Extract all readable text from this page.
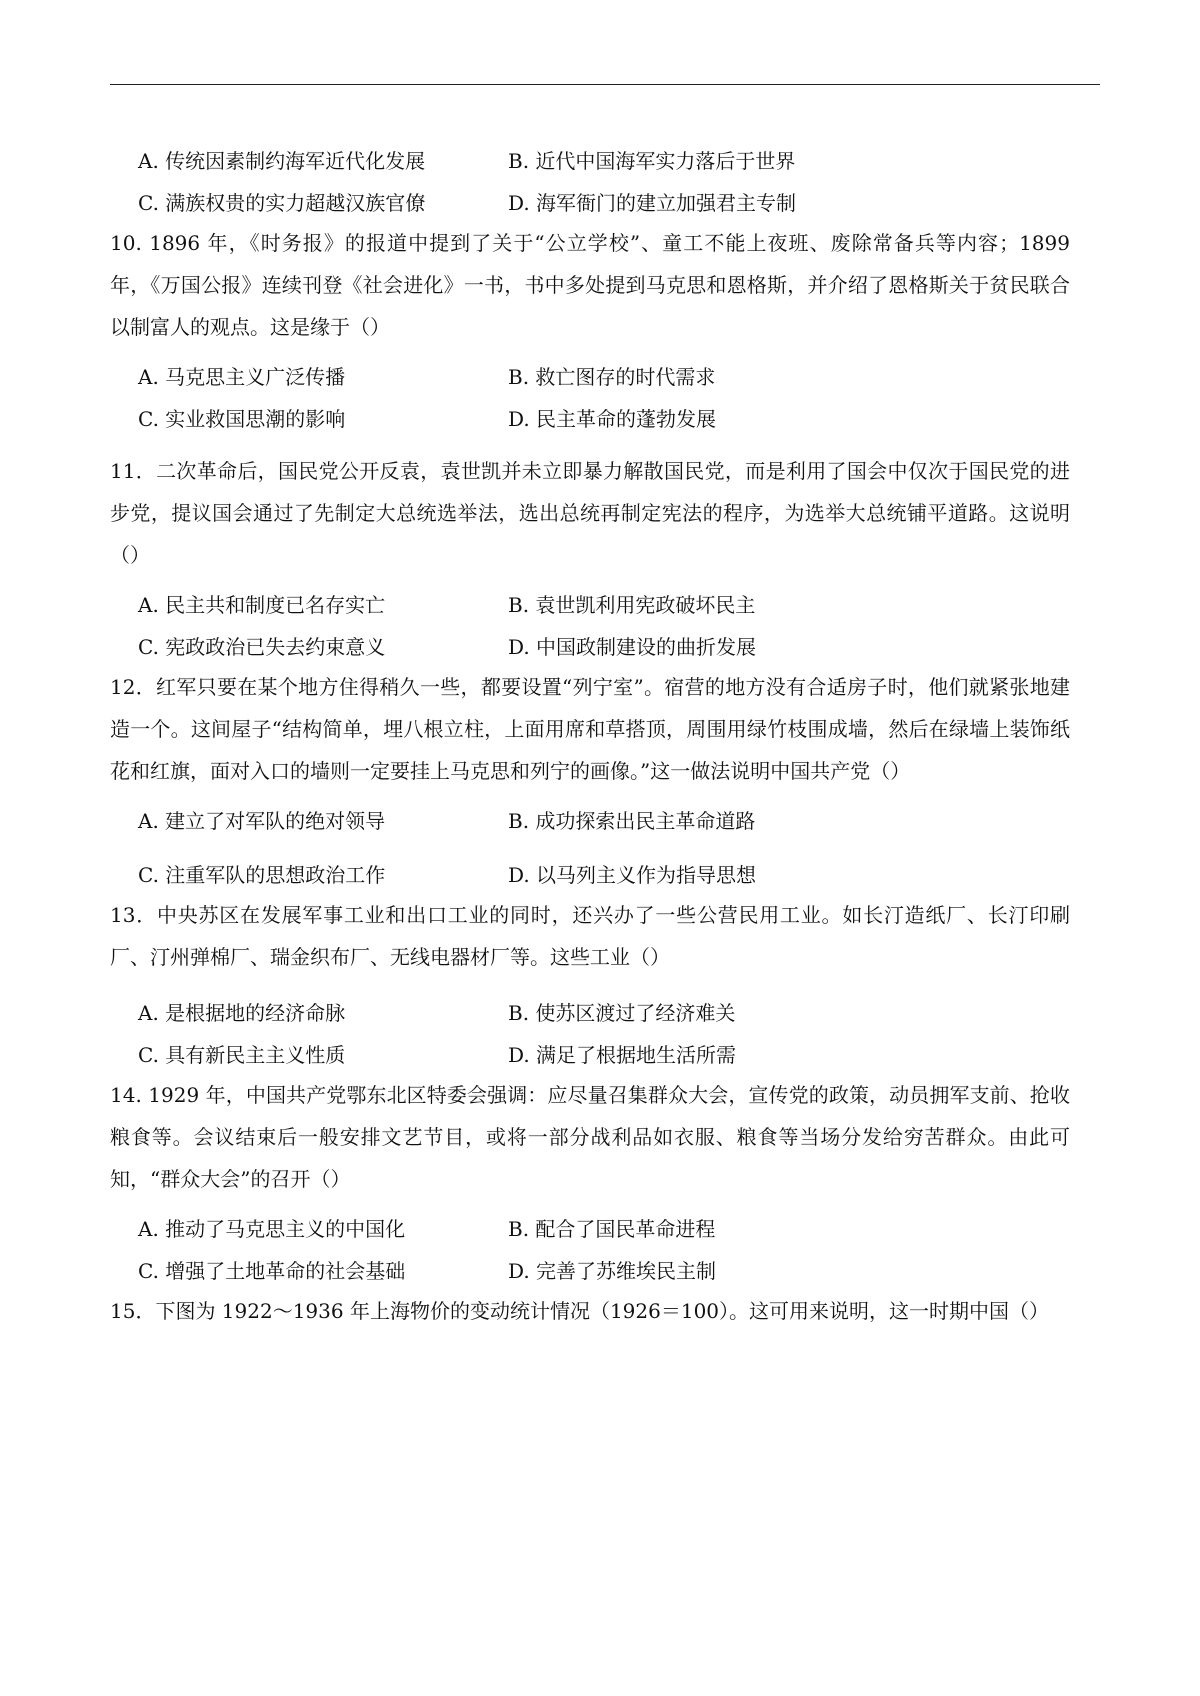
A. 传统因素制约海军近代化发展	B. 近代中国海军实力落后于世界
C. 满族权贵的实力超越汉族官僚	D. 海军衙门的建立加强君主专制
10. 1896 年，《时务报》的报道中提到了关于“公立学校”、童工不能上夜班、废除常备兵等内容；1899 年，《万国公报》连续刊登《社会进化》一书，书中多处提到马克思和恩格斯，并介绍了恩格斯关于贫民联合以制富人的观点。这是缘于（）
A. 马克思主义广泛传播	B. 救亡图存的时代需求
C. 实业救国思潮的影响	D. 民主革命的蓬勃发展
11．二次革命后，国民党公开反袁，袁世凯并未立即暴力解散国民党，而是利用了国会中仅次于国民党的进步党，提议国会通过了先制定大总统选举法，选出总统再制定宪法的程序，为选举大总统铺平道路。这说明（）
A. 民主共和制度已名存实亡	B. 袁世凯利用宪政破坏民主
C. 宪政政治已失去约束意义	D. 中国政制建设的曲折发展
12．红军只要在某个地方住得稍久一些，都要设置“列宁室”。宿营的地方没有合适房子时，他们就紧张地建造一个。这间屋子“结构简单，埋八根立柱，上面用席和草搭顶，周围用绿竹枝围成墙，然后在绿墙上装饰纸花和红旗，面对入口的墙则一定要挂上马克思和列宁的画像。”这一做法说明中国共产党（）
A. 建立了对军队的绝对领导	B. 成功探索出民主革命道路
C. 注重军队的思想政治工作	D. 以马列主义作为指导思想
13．中央苏区在发展军事工业和出口工业的同时，还兴办了一些公营民用工业。如长汀造纸厂、长汀印刷厂、汀州弹棉厂、瑞金织布厂、无线电器材厂等。这些工业（）
A. 是根据地的经济命脉	B. 使苏区渡过了经济难关
C. 具有新民主主义性质	D. 满足了根据地生活所需
14. 1929 年，中国共产党鄂东北区特委会强调：应尽量召集群众大会，宣传党的政策，动员拥军支前、抢收粮食等。会议结束后一般安排文艺节目，或将一部分战利品如衣服、粮食等当场分发给穷苦群众。由此可知，“群众大会”的召开（）
A. 推动了马克思主义的中国化	B. 配合了国民革命进程
C. 增强了土地革命的社会基础	D. 完善了苏维埃民主制
15．下图为 1922～1936 年上海物价的变动统计情况（1926＝100）。这可用来说明，这一时期中国（）
